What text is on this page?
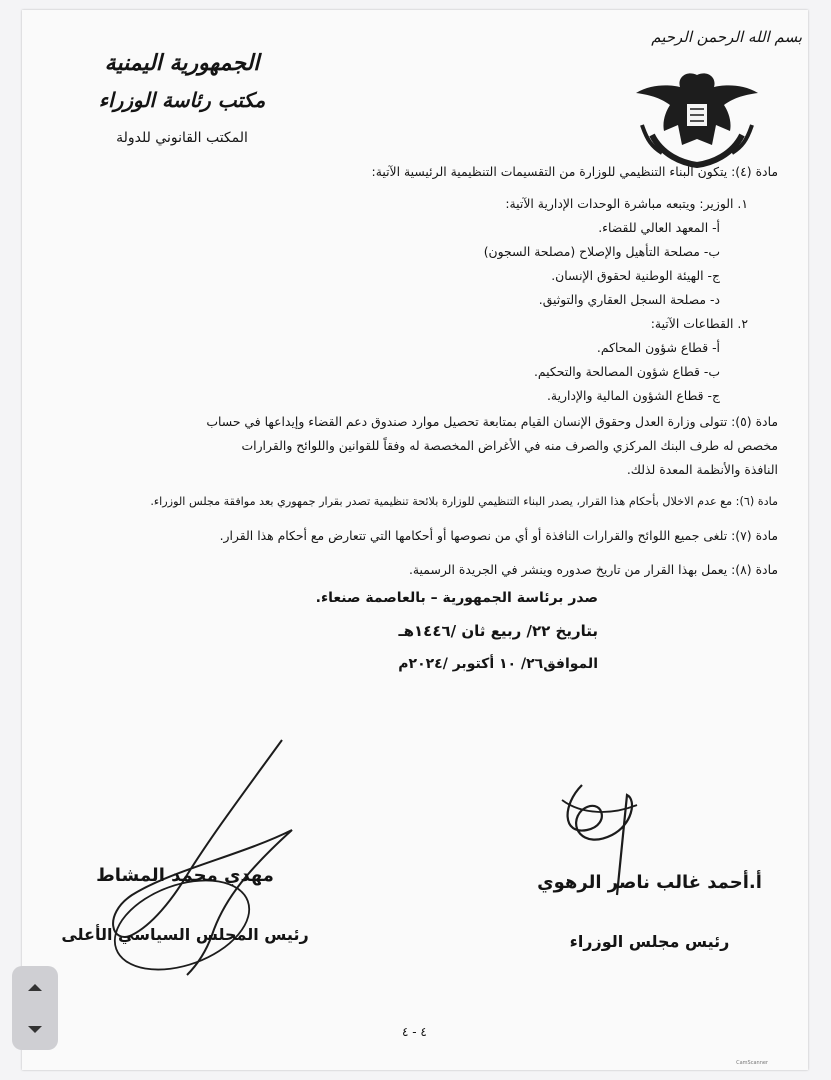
الجمهورية اليمنية
مكتب رئاسة الوزراء
المكتب القانوني للدولة
بسم الله الرحمن الرحيم
مادة (٤): يتكون البناء التنظيمي للوزارة من التقسيمات التنظيمية الرئيسية الآتية:
١. الوزير: ويتبعه مباشرة الوحدات الإدارية الآتية:
أ- المعهد العالي للقضاء.
ب- مصلحة التأهيل والإصلاح (مصلحة السجون)
ج- الهيئة الوطنية لحقوق الإنسان.
د- مصلحة السجل العقاري والتوثيق.
٢. القطاعات الآتية:
أ- قطاع شؤون المحاكم.
ب- قطاع شؤون المصالحة والتحكيم.
ج- قطاع الشؤون المالية والإدارية.
مادة (٥): تتولى وزارة العدل وحقوق الإنسان القيام بمتابعة تحصيل موارد صندوق دعم القضاء وإيداعها في حساب
مخصص له طرف البنك المركزي والصرف منه في الأغراض المخصصة له وفقاً للقوانين واللوائح والقرارات
النافذة والأنظمة المعدة لذلك.
مادة (٦): مع عدم الاخلال بأحكام هذا القرار، يصدر البناء التنظيمي للوزارة بلائحة تنظيمية تصدر بقرار جمهوري بعد موافقة مجلس الوزراء.
مادة (٧): تلغى جميع اللوائح والقرارات النافذة أو أي من نصوصها أو أحكامها التي تتعارض مع أحكام هذا القرار.
مادة (٨): يعمل بهذا القرار من تاريخ صدوره وينشر في الجريدة الرسمية.
صدر برئاسة الجمهورية – بالعاصمة صنعاء.
بتاريخ ٢٢/ ربيع ثان /١٤٤٦هـ
الموافق٢٦/ ١٠ أكتوبر /٢٠٢٤م
مهدي محمد المشاط
رئيس المجلس السياسي الأعلى
أ.أحمد غالب ناصر الرهوي
رئيس مجلس الوزراء
٤ - ٤
CamScanner
